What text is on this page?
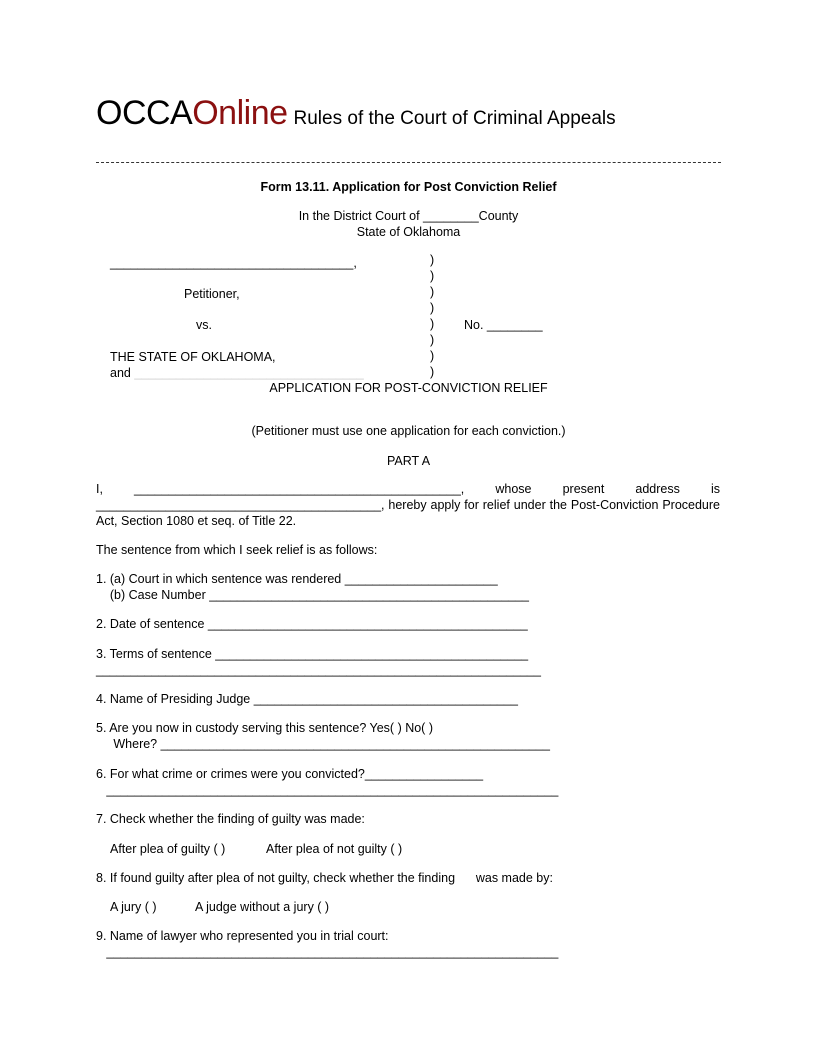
OCCAOnline Rules of the Court of Criminal Appeals
Form 13.11. Application for Post Conviction Relief
In the District Court of ________County
State of Oklahoma
___________________________________,
Petitioner,
vs.
THE STATE OF OKLAHOMA,
and _________________________________
)
)
)
)
)
)
)
)
No. ________
APPLICATION FOR POST-CONVICTION RELIEF
(Petitioner must use one application for each conviction.)
PART A
I, _______________________________________________, whose present address is
_________________________________________, hereby apply for relief under the Post-Conviction Procedure
Act, Section 1080 et seq. of Title 22.
The sentence from which I seek relief is as follows:
1. (a) Court in which sentence was rendered ______________________
(b) Case Number ______________________________________________
2. Date of sentence ______________________________________________
3. Terms of sentence _____________________________________________
________________________________________________________________
4. Name of Presiding Judge ______________________________________
5. Are you now in custody serving this sentence? Yes( ) No( )
Where? ________________________________________________________
6. For what crime or crimes were you convicted?_________________
_________________________________________________________________
7. Check whether the finding of guilty was made:
After plea of guilty ( )	After plea of not guilty ( )
8. If found guilty after plea of not guilty, check whether the finding      was made by:
A jury ( )	A judge without a jury ( )
9. Name of lawyer who represented you in trial court:
_________________________________________________________________
